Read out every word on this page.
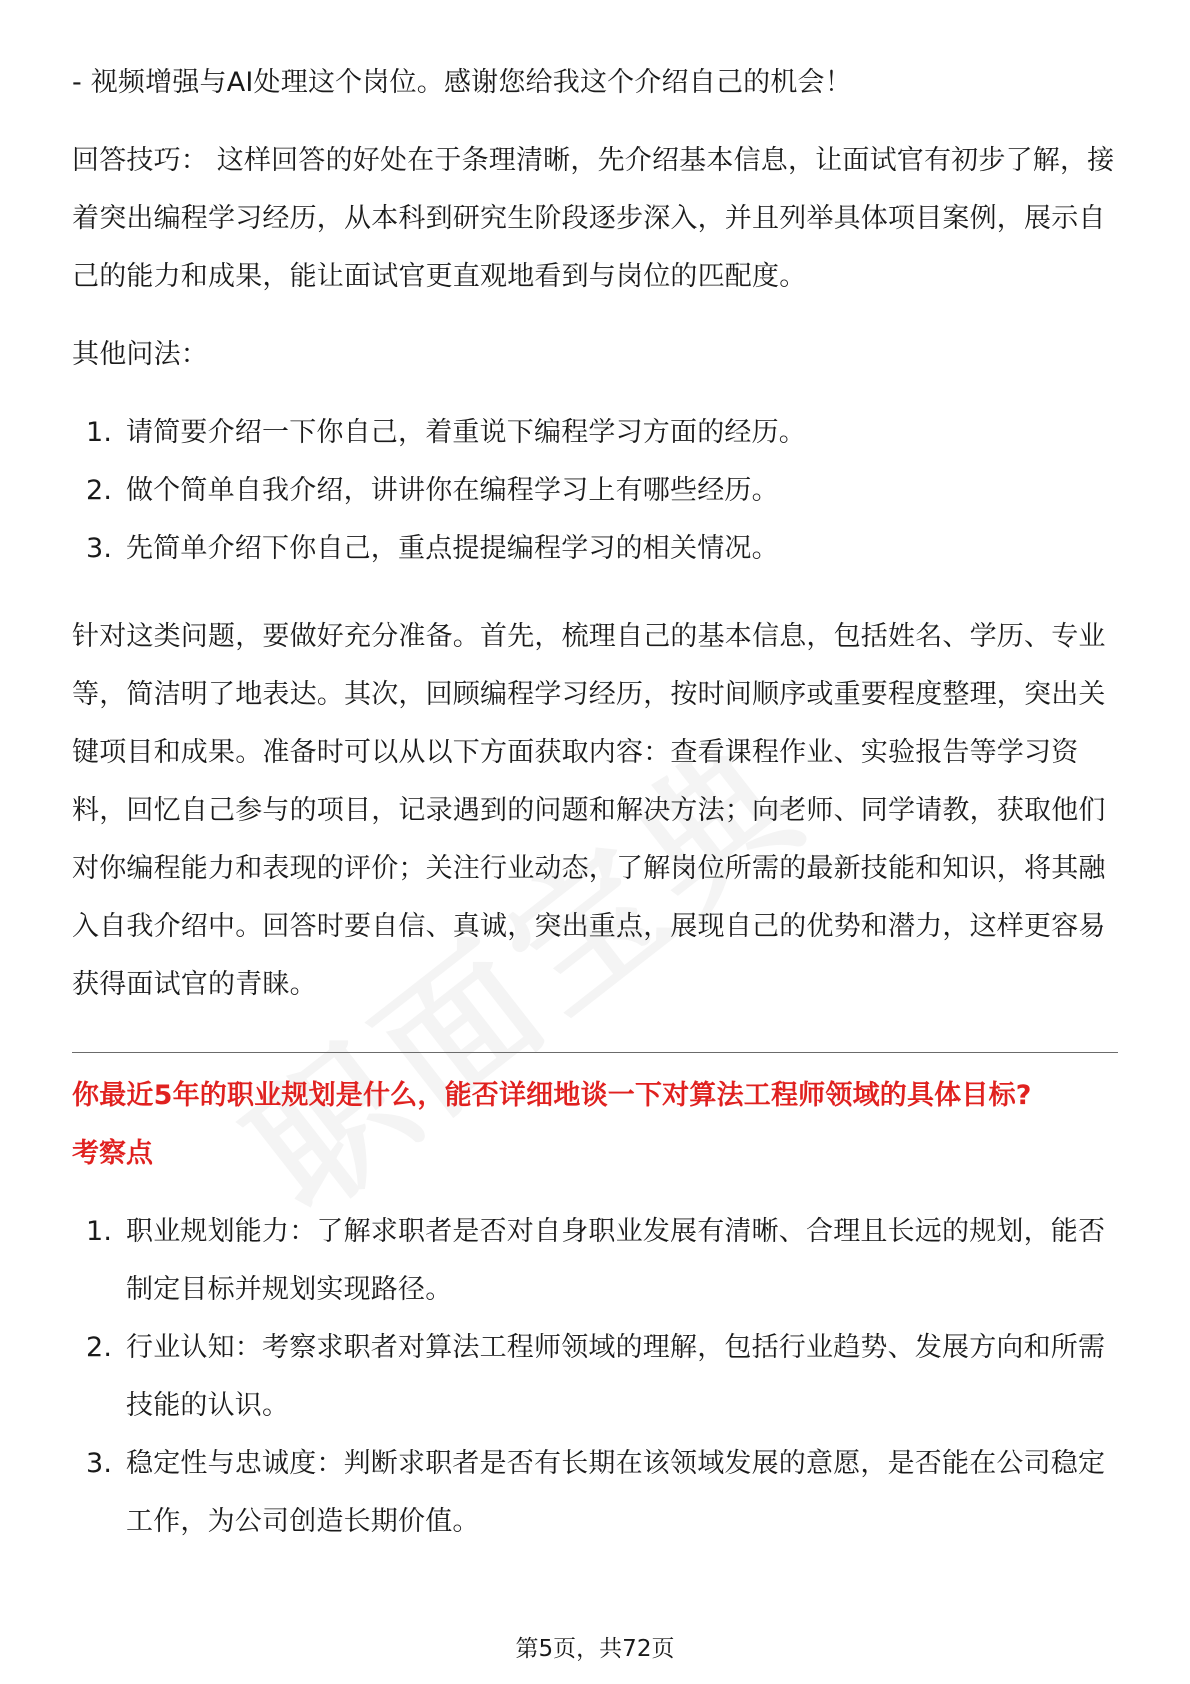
- 视频增强与AI处理这个岗位。感谢您给我这个介绍自己的机会！

回答技巧： 这样回答的好处在于条理清晰，先介绍基本信息，让面试官有初步了解，接着突出编程学习经历，从本科到研究生阶段逐步深入，并且列举具体项目案例，展示自己的能力和成果，能让面试官更直观地看到与岗位的匹配度。

其他问法：

1. 请简要介绍一下你自己，着重说下编程学习方面的经历。
2. 做个简单自我介绍，讲讲你在编程学习上有哪些经历。
3. 先简单介绍下你自己，重点提提编程学习的相关情况。

针对这类问题，要做好充分准备。首先，梳理自己的基本信息，包括姓名、学历、专业等，简洁明了地表达。其次，回顾编程学习经历，按时间顺序或重要程度整理，突出关键项目和成果。准备时可以从以下方面获取内容：查看课程作业、实验报告等学习资料，回忆自己参与的项目，记录遇到的问题和解决方法；向老师、同学请教，获取他们对你编程能力和表现的评价；关注行业动态，了解岗位所需的最新技能和知识，将其融入自我介绍中。回答时要自信、真诚，突出重点，展现自己的优势和潜力，这样更容易获得面试官的青睐。

你最近5年的职业规划是什么，能否详细地谈一下对算法工程师领域的具体目标?
考察点
1. 职业规划能力：了解求职者是否对自身职业发展有清晰、合理且长远的规划，能否制定目标并规划实现路径。
2. 行业认知：考察求职者对算法工程师领域的理解，包括行业趋势、发展方向和所需技能的认识。
3. 稳定性与忠诚度：判断求职者是否有长期在该领域发展的意愿，是否能在公司稳定工作，为公司创造长期价值。
第5页，共72页
